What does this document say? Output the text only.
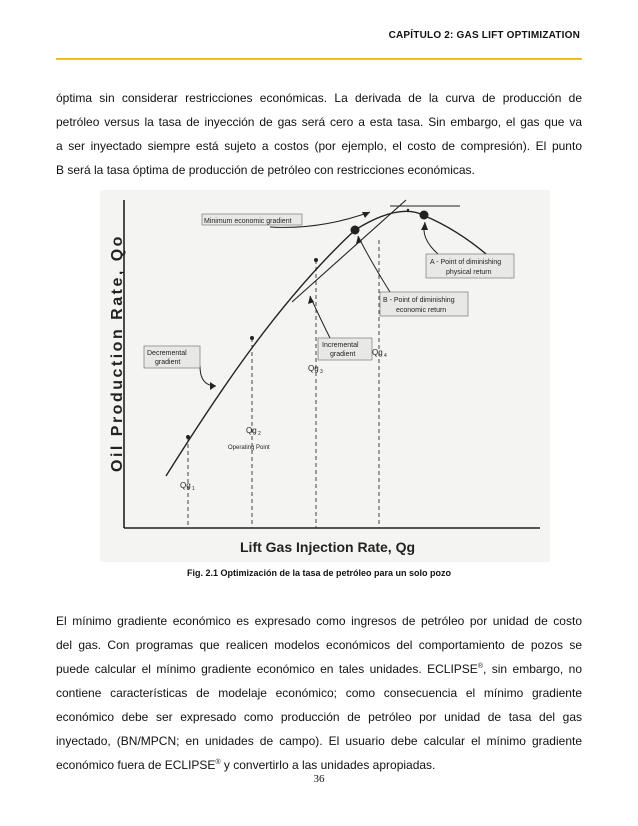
CAPÍTULO 2: GAS LIFT OPTIMIZATION

óptima sin considerar restricciones económicas. La derivada de la curva de producción de
petróleo versus la tasa de inyección de gas será cero a esta tasa. Sin embargo, el gas que va
a ser inyectado siempre está sujeto a costos (por ejemplo, el costo de compresión). El punto
B será la tasa óptima de producción de petróleo con restricciones económicas.

Oil Production Rate, Qo
Lift Gas Injection Rate, Qg
Minimum economic gradient
A - Point of diminishing
physical return
B - Point of diminishing
economic return
Incremental
gradient
Decremental
gradient
Qg 1
Qg 2
Operating Point
Qg 3
Qg 4
Fig. 2.1 Optimización de la tasa de petróleo para un solo pozo

El mínimo gradiente económico es expresado como ingresos de petróleo por unidad de costo
del gas. Con programas que realicen modelos económicos del comportamiento de pozos se
puede calcular el mínimo gradiente económico en tales unidades. ECLIPSE®, sin embargo, no
contiene características de modelaje económico; como consecuencia el mínimo gradiente
económico debe ser expresado como producción de petróleo por unidad de tasa del gas
inyectado, (BN/MPCN; en unidades de campo). El usuario debe calcular el mínimo gradiente
económico fuera de ECLIPSE® y convertirlo a las unidades apropiadas.

36
